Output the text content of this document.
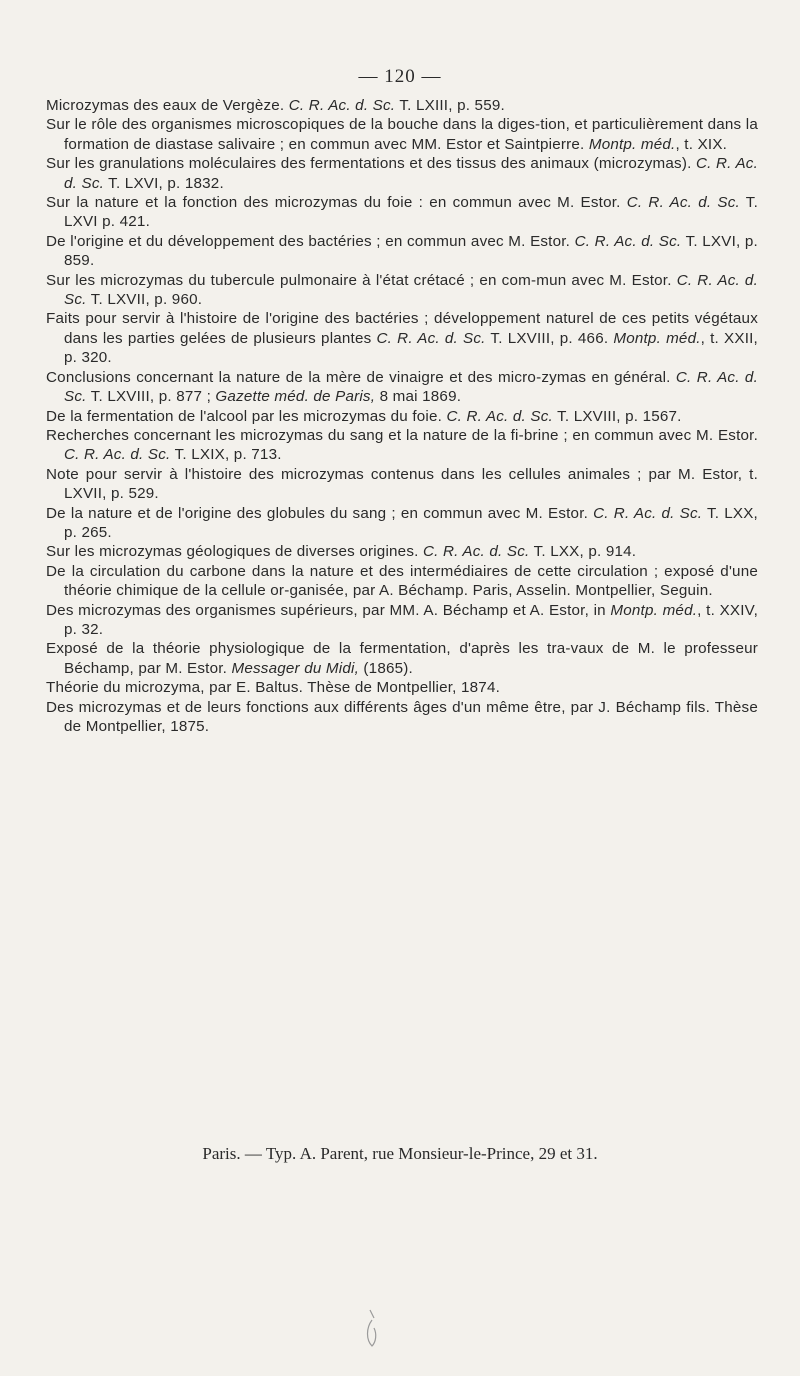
— 120 —

Microzymas des eaux de Vergèze. C. R. Ac. d. Sc. T. LXIII, p. 559.

Sur le rôle des organismes microscopiques de la bouche dans la diges-tion, et particulièrement dans la formation de diastase salivaire ; en commun avec MM. Estor et Saintpierre. Montp. méd., t. XIX.

Sur les granulations moléculaires des fermentations et des tissus des animaux (microzymas). C. R. Ac. d. Sc. T. LXVI, p. 1832.

Sur la nature et la fonction des microzymas du foie : en commun avec M. Estor. C. R. Ac. d. Sc. T. LXVI p. 421.

De l'origine et du développement des bactéries ; en commun avec M. Estor. C. R. Ac. d. Sc. T. LXVI, p. 859.

Sur les microzymas du tubercule pulmonaire à l'état crétacé ; en com-mun avec M. Estor. C. R. Ac. d. Sc. T. LXVII, p. 960.

Faits pour servir à l'histoire de l'origine des bactéries ; développement naturel de ces petits végétaux dans les parties gelées de plusieurs plantes C. R. Ac. d. Sc. T. LXVIII, p. 466. Montp. méd., t. XXII, p. 320.

Conclusions concernant la nature de la mère de vinaigre et des micro-zymas en général. C. R. Ac. d. Sc. T. LXVIII, p. 877 ; Gazette méd. de Paris, 8 mai 1869.

De la fermentation de l'alcool par les microzymas du foie. C. R. Ac. d. Sc. T. LXVIII, p. 1567.

Recherches concernant les microzymas du sang et la nature de la fi-brine ; en commun avec M. Estor. C. R. Ac. d. Sc. T. LXIX, p. 713.

Note pour servir à l'histoire des microzymas contenus dans les cellules animales ; par M. Estor, t. LXVII, p. 529.

De la nature et de l'origine des globules du sang ; en commun avec M. Estor. C. R. Ac. d. Sc. T. LXX, p. 265.

Sur les microzymas géologiques de diverses origines. C. R. Ac. d. Sc. T. LXX, p. 914.

De la circulation du carbone dans la nature et des intermédiaires de cette circulation ; exposé d'une théorie chimique de la cellule or-ganisée, par A. Béchamp. Paris, Asselin. Montpellier, Seguin.

Des microzymas des organismes supérieurs, par MM. A. Béchamp et A. Estor, in Montp. méd., t. XXIV, p. 32.

Exposé de la théorie physiologique de la fermentation, d'après les tra-vaux de M. le professeur Béchamp, par M. Estor. Messager du Midi, (1865).

Théorie du microzyma, par E. Baltus. Thèse de Montpellier, 1874.

Des microzymas et de leurs fonctions aux différents âges d'un même être, par J. Béchamp fils. Thèse de Montpellier, 1875.

Paris. — Typ. A. Parent, rue Monsieur-le-Prince, 29 et 31.
